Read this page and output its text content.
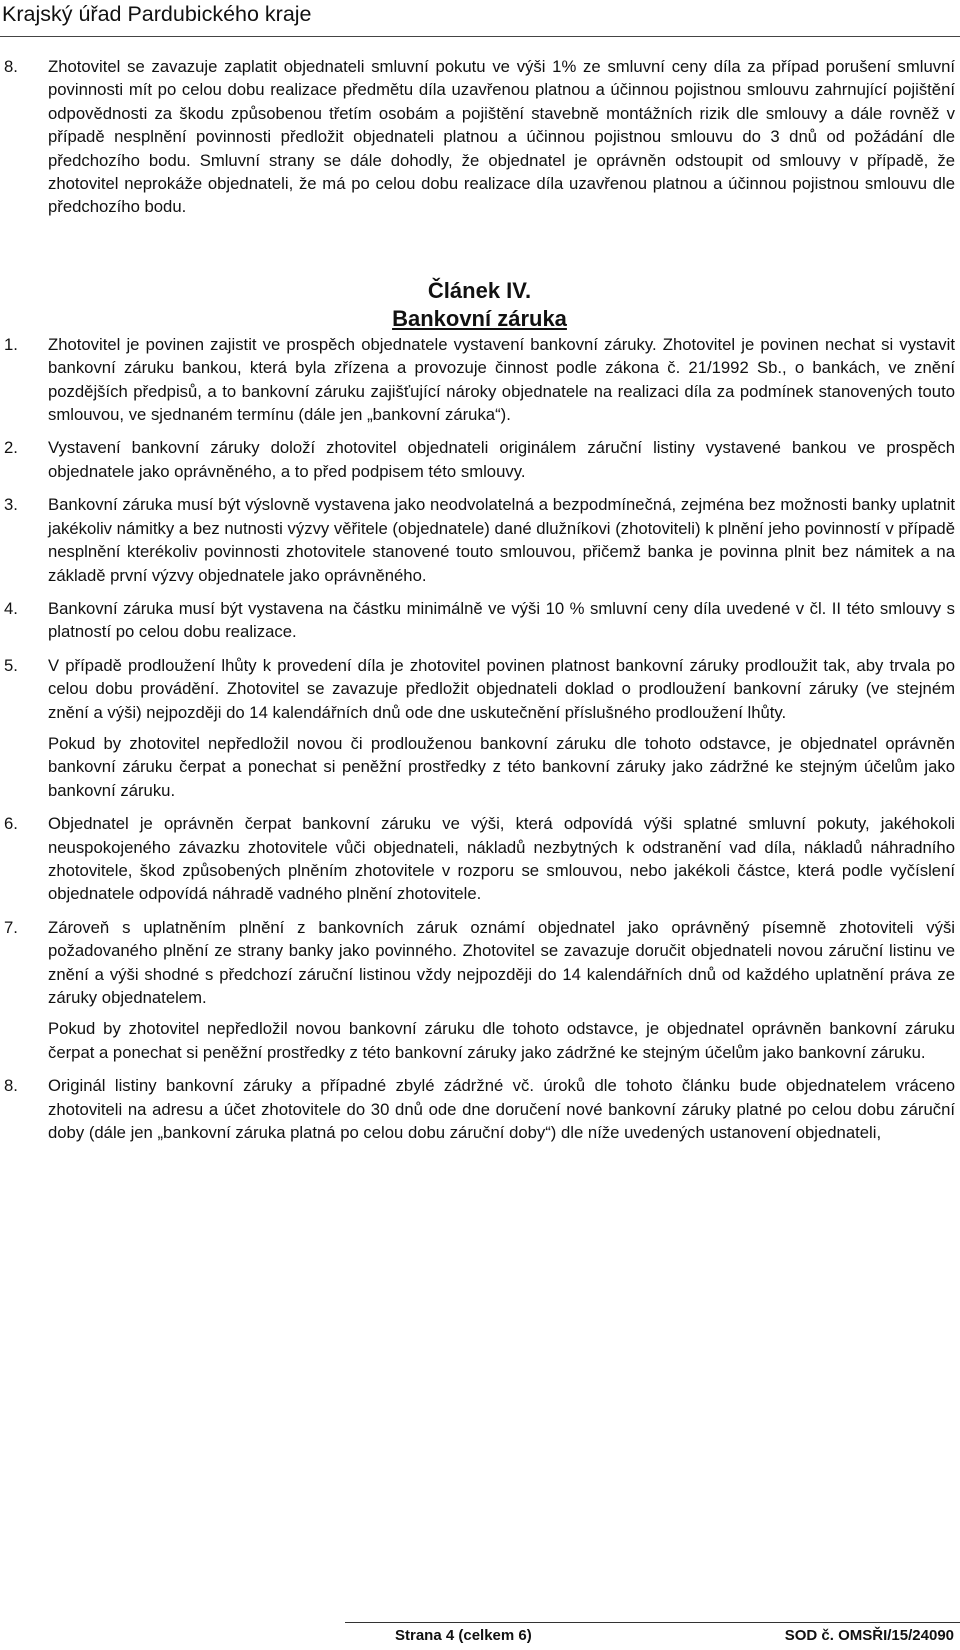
Krajský úřad Pardubického kraje
8.	Zhotovitel se zavazuje zaplatit objednateli smluvní pokutu ve výši 1% ze smluvní ceny díla za případ porušení smluvní povinnosti mít po celou dobu realizace předmětu díla uzavřenou platnou a účinnou pojistnou smlouvu zahrnující pojištění odpovědnosti za škodu způsobenou třetím osobám a pojištění stavebně montážních rizik dle smlouvy a dále rovněž v případě nesplnění povinnosti předložit objednateli platnou a účinnou pojistnou smlouvu do 3 dnů od požádání dle předchozího bodu. Smluvní strany se dále dohodly, že objednatel je oprávněn odstoupit od smlouvy v případě, že zhotovitel neprokáže objednateli, že má po celou dobu realizace díla uzavřenou platnou a účinnou pojistnou smlouvu dle předchozího bodu.
Článek IV.
Bankovní záruka
1.	Zhotovitel je povinen zajistit ve prospěch objednatele vystavení bankovní záruky. Zhotovitel je povinen nechat si vystavit bankovní záruku bankou, která byla zřízena a provozuje činnost podle zákona č. 21/1992 Sb., o bankách, ve znění pozdějších předpisů, a to bankovní záruku zajišťující nároky objednatele na realizaci díla za podmínek stanovených touto smlouvou, ve sjednaném termínu (dále jen „bankovní záruka“).
2.	Vystavení bankovní záruky doloží zhotovitel objednateli originálem záruční listiny vystavené bankou ve prospěch objednatele jako oprávněného, a to před podpisem této smlouvy.
3.	Bankovní záruka musí být výslovně vystavena jako neodvolatelná a bezpodmínečná, zejména bez možnosti banky uplatnit jakékoliv námitky a bez nutnosti výzvy věřitele (objednatele) dané dlužníkovi (zhotoviteli) k plnění jeho povinností v případě nesplnění kterékoliv povinnosti zhotovitele stanovené touto smlouvou, přičemž banka je povinna plnit bez námitek a na základě první výzvy objednatele jako oprávněného.
4.	Bankovní záruka musí být vystavena na částku minimálně ve výši 10 % smluvní ceny díla uvedené v čl. II této smlouvy s platností po celou dobu realizace.
5.	V případě prodloužení lhůty k provedení díla je zhotovitel povinen platnost bankovní záruky prodloužit tak, aby trvala po celou dobu provádění. Zhotovitel se zavazuje předložit objednateli doklad o prodloužení bankovní záruky (ve stejném znění a výši) nejpozději do 14 kalendářních dnů ode dne uskutečnění příslušného prodloužení lhůty.
Pokud by zhotovitel nepředložil novou či prodlouženou bankovní záruku dle tohoto odstavce, je objednatel oprávněn bankovní záruku čerpat a ponechat si peněžní prostředky z této bankovní záruky jako zádržné ke stejným účelům jako bankovní záruku.
6.	Objednatel je oprávněn čerpat bankovní záruku ve výši, která odpovídá výši splatné smluvní pokuty, jakéhokoli neuspokojeného závazku zhotovitele vůči objednateli, nákladů nezbytných k odstranění vad díla, nákladů náhradního zhotovitele, škod způsobených plněním zhotovitele v rozporu se smlouvou, nebo jakékoli částce, která podle vyčíslení objednatele odpovídá náhradě vadného plnění zhotovitele.
7.	Zároveň s uplatněním plnění z bankovních záruk oznámí objednatel jako oprávněný písemně zhotoviteli výši požadovaného plnění ze strany banky jako povinného. Zhotovitel se zavazuje doručit objednateli novou záruční listinu ve znění a výši shodné s předchozí záruční listinou vždy nejpozději do 14 kalendářních dnů od každého uplatnění práva ze záruky objednatelem.
Pokud by zhotovitel nepředložil novou bankovní záruku dle tohoto odstavce, je objednatel oprávněn bankovní záruku čerpat a ponechat si peněžní prostředky z této bankovní záruky jako zádržné ke stejným účelům jako bankovní záruku.
8.	Originál listiny bankovní záruky a případné zbylé zádržné vč. úroků dle tohoto článku bude objednatelem vráceno zhotoviteli na adresu a účet zhotovitele do 30 dnů ode dne doručení nové bankovní záruky platné po celou dobu záruční doby (dále jen „bankovní záruka platná po celou dobu záruční doby“) dle níže uvedených ustanovení objednateli,
Strana 4 (celkem 6)	SOD č. OMSŘI/15/24090
